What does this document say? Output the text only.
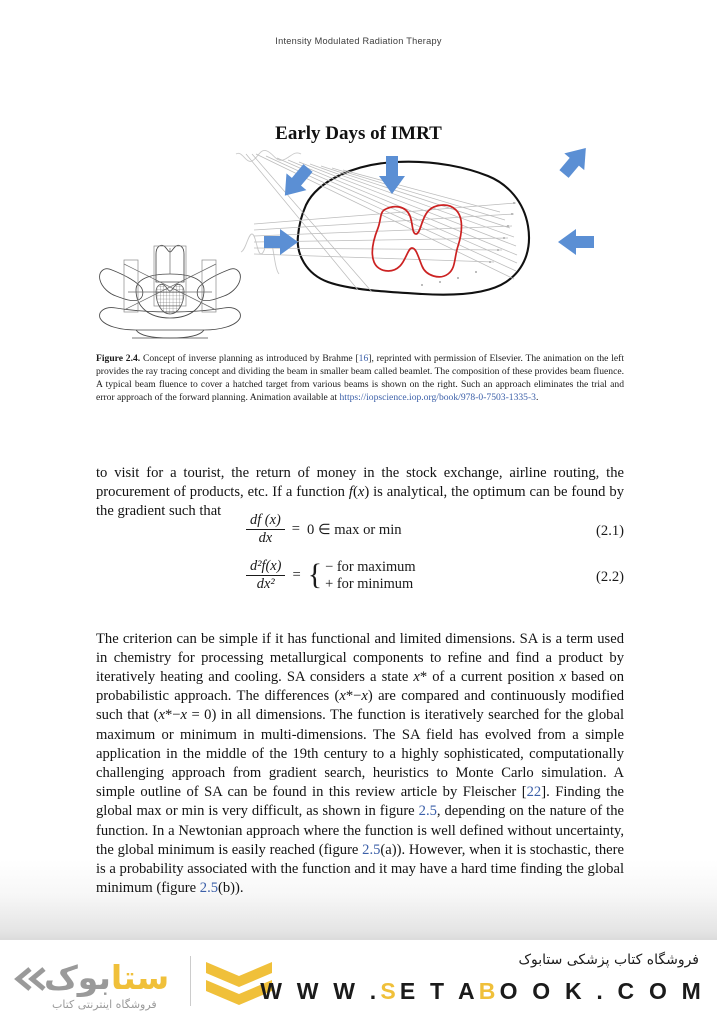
Intensity Modulated Radiation Therapy
Early Days of IMRT
Figure 2.4. Concept of inverse planning as introduced by Brahme [16], reprinted with permission of Elsevier. The animation on the left provides the ray tracing concept and dividing the beam in smaller beam called beamlet. The composition of these provides beam fluence. A typical beam fluence to cover a hatched target from various beams is shown on the right. Such an approach eliminates the trial and error approach of the forward planning. Animation available at https://iopscience.iop.org/book/978-0-7503-1335-3.

to visit for a tourist, the return of money in the stock exchange, airline routing, the procurement of products, etc. If a function f(x) is analytical, the optimum can be found by the gradient such that

$\frac{df (x)}{dx} = 0$ ∈ max or min	(2.1)
$\frac{\text{d²f(x)}}{\text{dx²}}$ = { − for maximum
+ for minimum	(2.2)

The criterion can be simple if it has functional and limited dimensions. SA is a term used in chemistry for processing metallurgical components to refine and find a product by iteratively heating and cooling. SA considers a state x* of a current position x based on probabilistic approach. The differences (x*−x) are compared and continuously modified such that (x*−x = 0) in all dimensions. The function is iteratively searched for the global maximum or minimum in multi-dimensions. The SA field has evolved from a simple application in the middle of the 19th century to a highly sophisticated, computationally challenging approach from gradient search, heuristics to Monte Carlo simulation. A simple outline of SA can be found in this review article by Fleischer [22]. Finding the global max or min is very difficult, as shown in figure 2.5, depending on the nature of the function. In a Newtonian approach where the function is well defined without uncertainty, the global minimum is easily reached (figure 2.5(a)). However, when it is stochastic, there is a probability associated with the function and it may have a hard time finding the global minimum (figure 2.5(b)).

ستابوک
فروشگاه اینترنتی کتاب
فروشگاه کتاب پزشکی ستابوک
W W W .SE T ABO O K . C O M
